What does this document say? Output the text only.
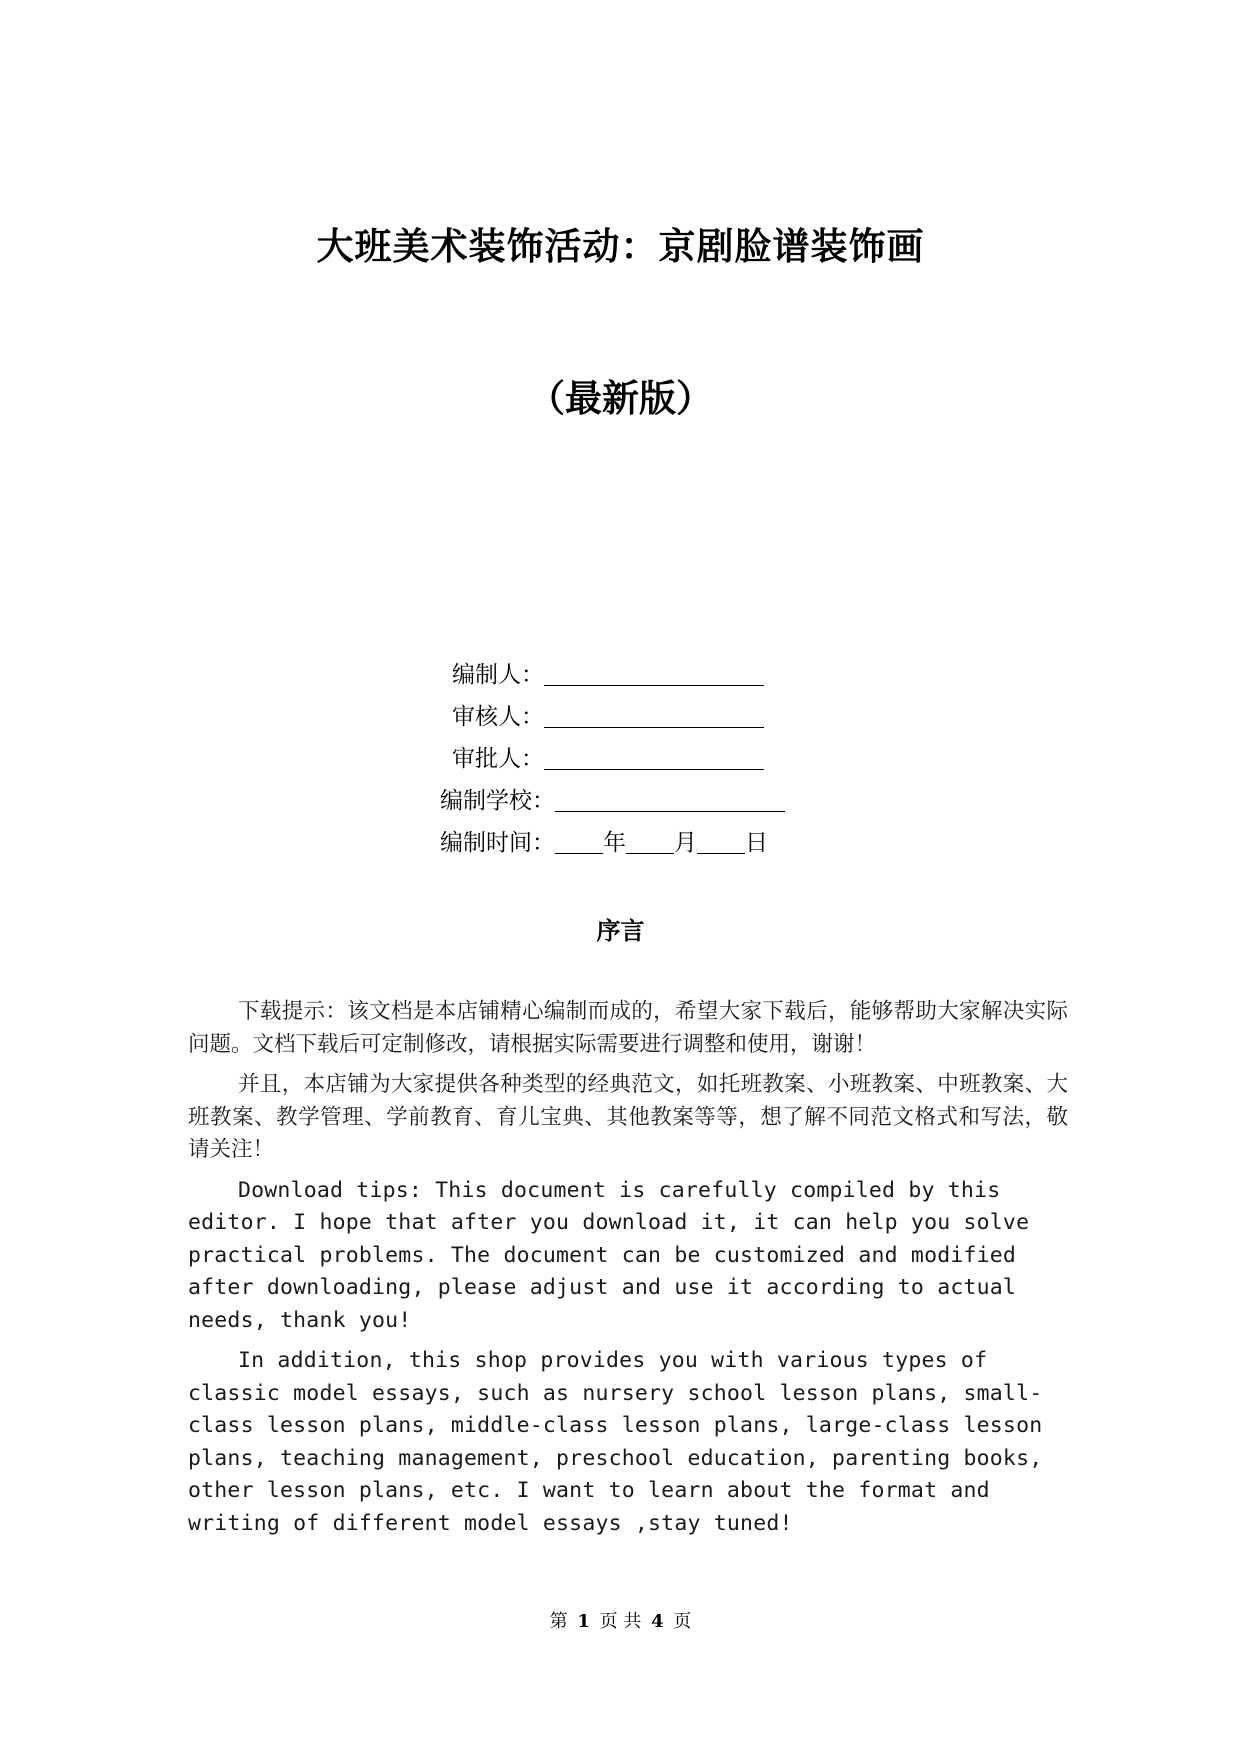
大班美术装饰活动：京剧脸谱装饰画
（最新版）
编制人：
审核人：
审批人：
编制学校：
编制时间： 年 月 日
序言

下载提示：该文档是本店铺精心编制而成的，希望大家下载后，能够帮助大家解决实际问题。文档下载后可定制修改，请根据实际需要进行调整和使用，谢谢！

并且，本店铺为大家提供各种类型的经典范文，如托班教案、小班教案、中班教案、大班教案、教学管理、学前教育、育儿宝典、其他教案等等，想了解不同范文格式和写法，敬请关注！

Download tips: This document is carefully compiled by this editor. I hope that after you download it, it can help you solve practical problems. The document can be customized and modified after downloading, please adjust and use it according to actual needs, thank you!

In addition, this shop provides you with various types of classic model essays, such as nursery school lesson plans, small-class lesson plans, middle-class lesson plans, large-class lesson plans, teaching management, preschool education, parenting books, other lesson plans, etc. I want to learn about the format and writing of different model essays ,stay tuned!

第 1 页 共 4 页
